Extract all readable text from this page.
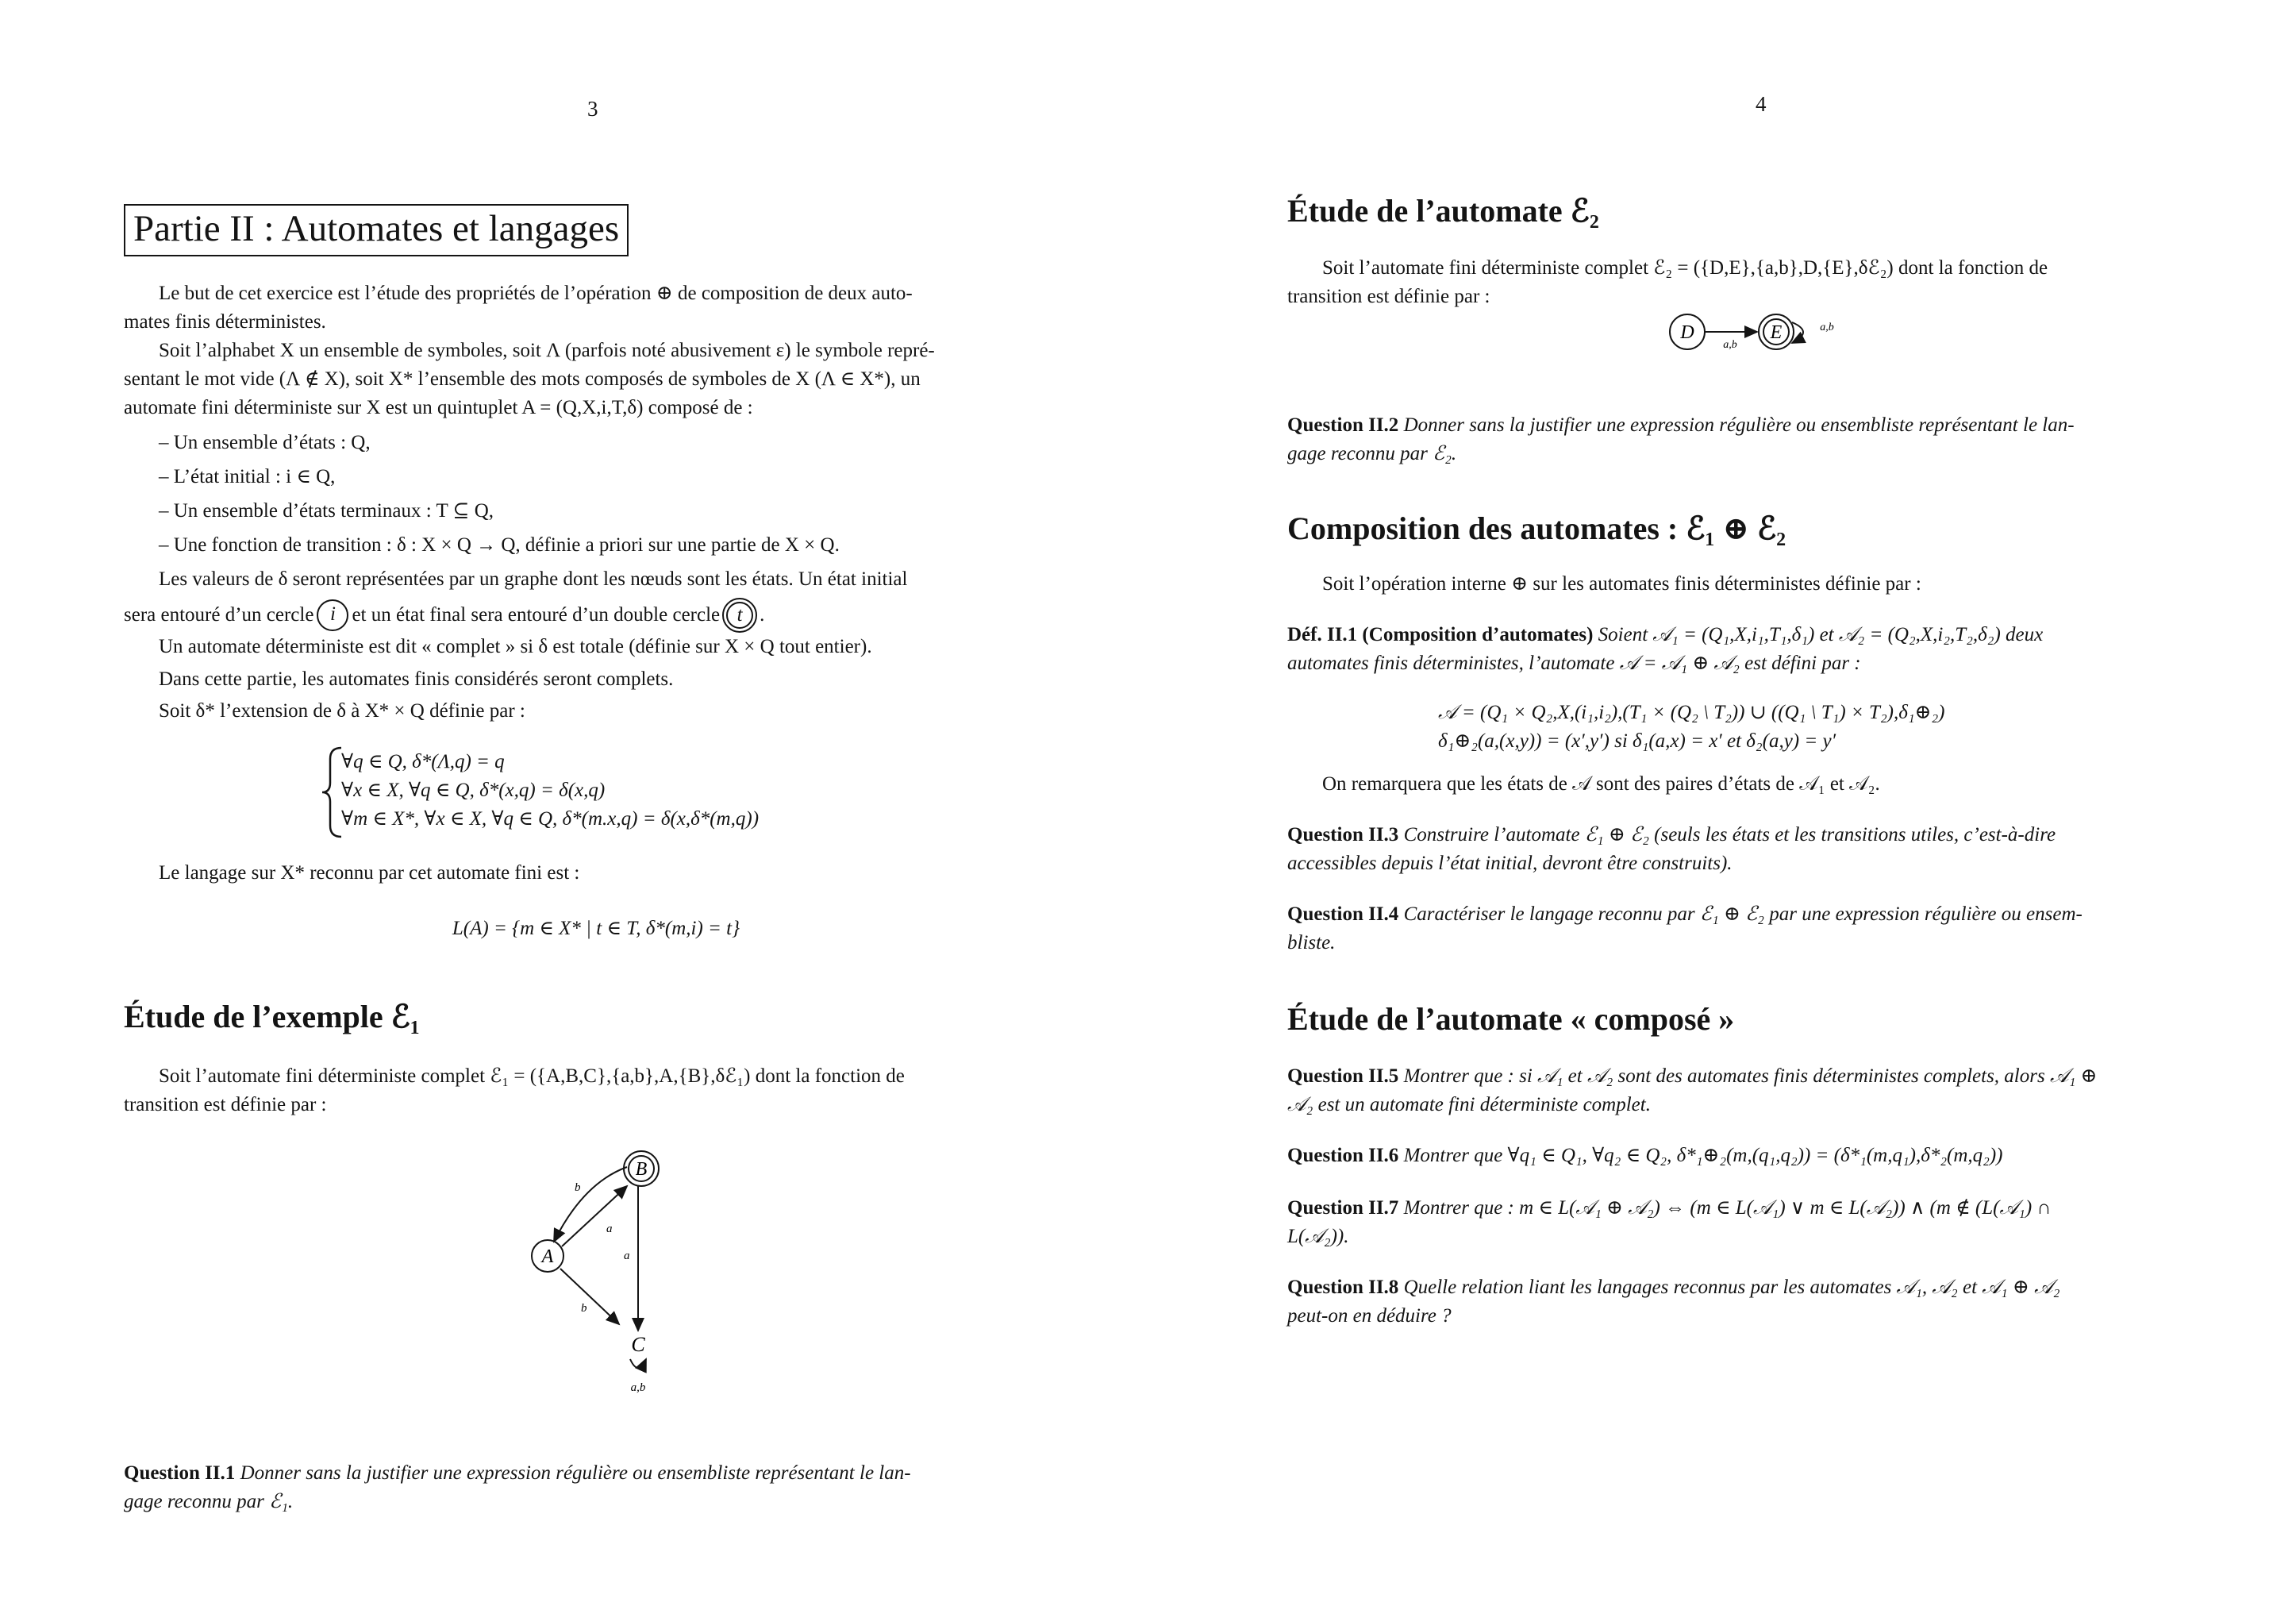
3
Partie II : Automates et langages
Le but de cet exercice est l’étude des propriétés de l’opération ⊕ de composition de deux auto-
mates finis déterministes.
Soit l’alphabet X un ensemble de symboles, soit Λ (parfois noté abusivement ε) le symbole repré-
sentant le mot vide (Λ ∉ X), soit X* l’ensemble des mots composés de symboles de X (Λ ∈ X*), un
automate fini déterministe sur X est un quintuplet A = (Q,X,i,T,δ) composé de :
– Un ensemble d’états : Q,
– L’état initial : i ∈ Q,
– Un ensemble d’états terminaux : T ⊆ Q,
– Une fonction de transition : δ : X × Q → Q, définie a priori sur une partie de X × Q.
Les valeurs de δ seront représentées par un graphe dont les nœuds sont les états. Un état initial
sera entouré d’un cercle i et un état final sera entouré d’un double cercle t .
Un automate déterministe est dit « complet » si δ est totale (définie sur X × Q tout entier).
Dans cette partie, les automates finis considérés seront complets.
Soit δ* l’extension de δ à X* × Q définie par :
∀q ∈ Q, δ*(Λ,q) = q
∀x ∈ X, ∀q ∈ Q, δ*(x,q) = δ(x,q)
∀m ∈ X*, ∀x ∈ X, ∀q ∈ Q, δ*(m.x,q) = δ(x,δ*(m,q))
Le langage sur X* reconnu par cet automate fini est :
L(A) = {m ∈ X* | t ∈ T, δ*(m,i) = t}
Étude de l’exemple ℰ₁
Soit l’automate fini déterministe complet ℰ₁ = ({A,B,C},{a,b},A,{B},δℰ₁) dont la fonction de
transition est définie par :
B
A
C
b
a
a
b
a,b
Question II.1 Donner sans la justifier une expression régulière ou ensembliste représentant le lan-
gage reconnu par ℰ₁.
4
Étude de l’automate ℰ₂
Soit l’automate fini déterministe complet ℰ₂ = ({D,E},{a,b},D,{E},δℰ₂) dont la fonction de
transition est définie par :
D	E
a,b
a,b
Question II.2 Donner sans la justifier une expression régulière ou ensembliste représentant le lan-
gage reconnu par ℰ₂.
Composition des automates : ℰ₁ ⊕ ℰ₂
Soit l’opération interne ⊕ sur les automates finis déterministes définie par :
Déf. II.1 (Composition d’automates) Soient 𝒜₁ = (Q₁,X,i₁,T₁,δ₁) et 𝒜₂ = (Q₂,X,i₂,T₂,δ₂) deux
automates finis déterministes, l’automate 𝒜 = 𝒜₁ ⊕ 𝒜₂ est défini par :
𝒜 = (Q₁ × Q₂,X,(i₁,i₂),(T₁ × (Q₂ \ T₂)) ∪ ((Q₁ \ T₁) × T₂),δ₁⊕₂)
δ₁⊕₂(a,(x,y)) = (x′,y′) si δ₁(a,x) = x′ et δ₂(a,y) = y′
On remarquera que les états de 𝒜 sont des paires d’états de 𝒜₁ et 𝒜₂.
Question II.3 Construire l’automate ℰ₁ ⊕ ℰ₂ (seuls les états et les transitions utiles, c’est-à-dire
accessibles depuis l’état initial, devront être construits).
Question II.4 Caractériser le langage reconnu par ℰ₁ ⊕ ℰ₂ par une expression régulière ou ensem-
bliste.
Étude de l’automate « composé »
Question II.5 Montrer que : si 𝒜₁ et 𝒜₂ sont des automates finis déterministes complets, alors 𝒜₁ ⊕
𝒜₂ est un automate fini déterministe complet.
Question II.6 Montrer que ∀q₁ ∈ Q₁, ∀q₂ ∈ Q₂, δ*₁⊕₂(m,(q₁,q₂)) = (δ*₁(m,q₁),δ*₂(m,q₂))
Question II.7 Montrer que : m ∈ L(𝒜₁ ⊕ 𝒜₂) ⇔ (m ∈ L(𝒜₁) ∨ m ∈ L(𝒜₂)) ∧ (m ∉ (L(𝒜₁) ∩
L(𝒜₂)).
Question II.8 Quelle relation liant les langages reconnus par les automates 𝒜₁, 𝒜₂ et 𝒜₁ ⊕ 𝒜₂
peut-on en déduire ?
